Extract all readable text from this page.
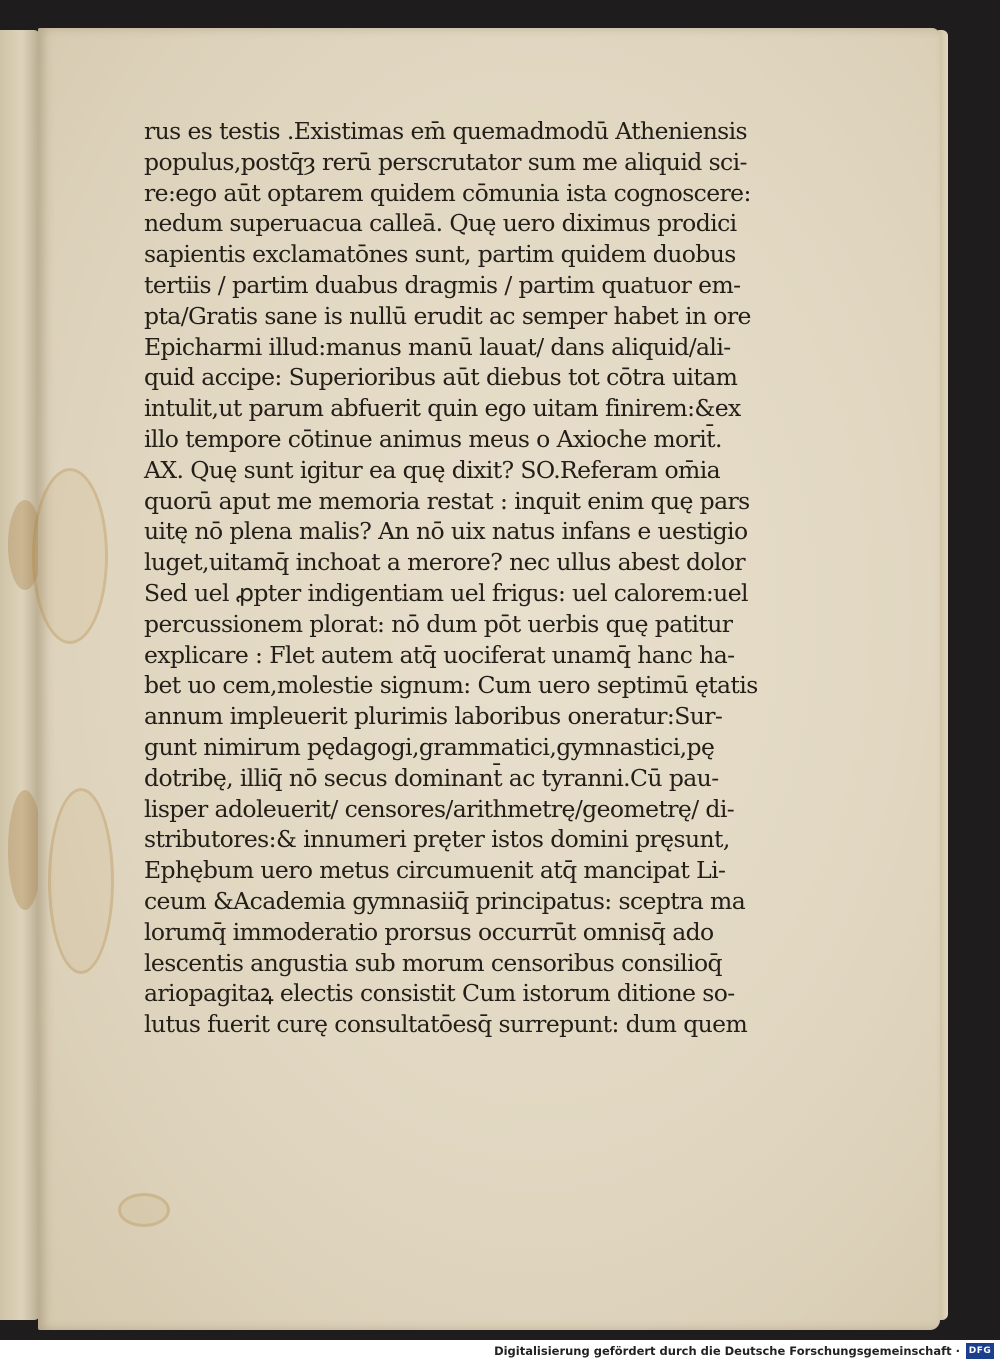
rus es testis .Existimas em̄ quemadmodū Atheniensis
populus,postq̄ȝ rerū perscrutator sum me aliquid sci-
re:ego aūt optarem quidem cōmunia ista cognoscere:
nedum superuacua calleā. Quę uero diximus prodici
sapientis exclamatōnes sunt, partim quidem duobus
tertiis / partim duabus dragmis / partim quatuor em-
pta/Gratis sane is nullū erudit ac semper habet in ore
Epicharmi illud:manus manū lauat/ dans aliquid/ali-
quid accipe: Superioribus aūt diebus tot cōtra uitam
intulit,ut parum abfuerit quin ego uitam finirem:&ex
illo tempore cōtinue animus meus o Axioche morit̄.
AX. Quę sunt igitur ea quę dixit? SO.Referam om̄ia
quorū aput me memoria restat : inquit enim quę pars
uitę nō plena malis? An nō uix natus infans e uestigio
luget,uitamq̄ inchoat a merore? nec ullus abest dolor
Sed uel ꝓpter indigentiam uel frigus: uel calorem:uel
percussionem plorat: nō dum pōt uerbis quę patitur
explicare : Flet autem atq̄ uociferat unamq̄ hanc ha-
bet uo cem,molestie signum: Cum uero septimū ętatis
annum impleuerit plurimis laboribus oneratur:Sur-
gunt nimirum pędagogi,grammatici,gymnastici,pę
dotribę, illiq̄ nō secus dominant̄ ac tyranni.Cū pau-
lisper adoleuerit/ censores/arithmetrę/geometrę/ di-
stributores:& innumeri pręter istos domini pręsunt,
Ephębum uero metus circumuenit atq̄ mancipat Li-
ceum &Academia gymnasiiq̄ principatus: sceptra ma
lorumq̄ immoderatio prorsus occurrūt omnisq̄ ado
lescentis angustia sub morum censoribus consilioq̄
ariopagitaꝝ electis consistit Cum istorum ditione so-
lutus fuerit curę consultatōesq̄ surrepunt: dum quem
Digitalisierung gefördert durch die Deutsche Forschungsgemeinschaft · DFG
